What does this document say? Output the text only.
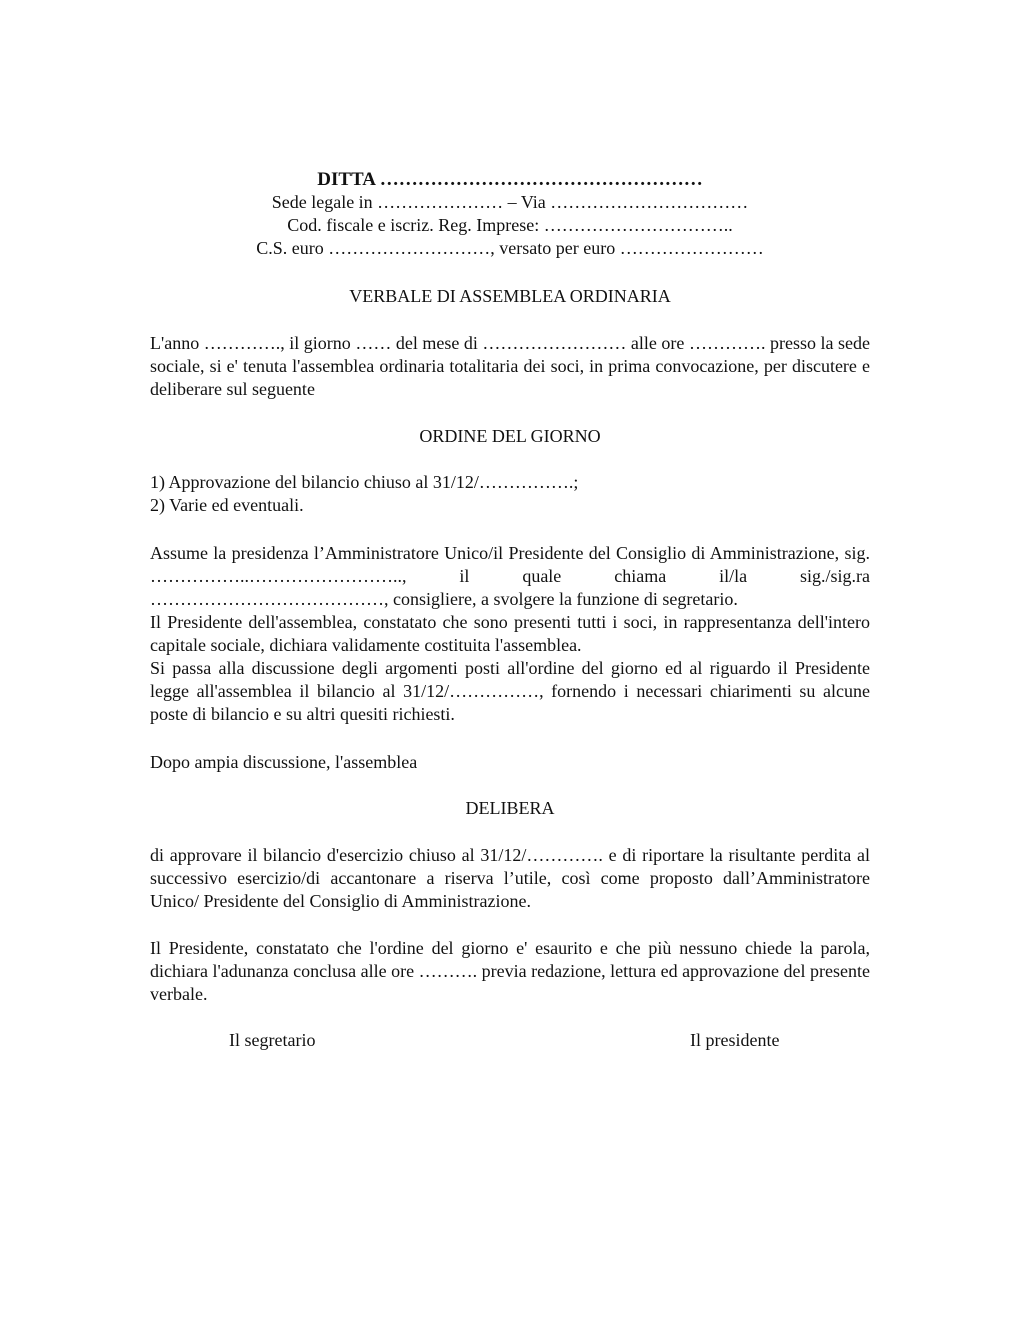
DITTA ……………………………………………
Sede legale in ………………… – Via ……………………………
Cod. fiscale e iscriz. Reg. Imprese: …………………………..
C.S. euro ………………………, versato per euro ……………………
VERBALE DI ASSEMBLEA ORDINARIA
L'anno …………., il giorno …… del mese di …………………… alle ore …………. presso la sede sociale, si e' tenuta l'assemblea ordinaria totalitaria dei soci, in prima convocazione, per discutere e deliberare sul seguente
ORDINE DEL GIORNO
1) Approvazione del bilancio chiuso al 31/12/…………….;
2) Varie ed eventuali.
Assume la presidenza l’Amministratore Unico/il Presidente del Consiglio di Amministrazione, sig. ……………..…………………….., il quale chiama il/la sig./sig.ra …………………………………, consigliere, a svolgere la funzione di segretario.
Il Presidente dell'assemblea, constatato che sono presenti tutti i soci, in rappresentanza dell'intero capitale sociale, dichiara validamente costituita l'assemblea.
Si passa alla discussione degli argomenti posti all'ordine del giorno ed al riguardo il Presidente legge all'assemblea il bilancio al 31/12/……………, fornendo i necessari chiarimenti su alcune poste di bilancio e su altri quesiti richiesti.
Dopo ampia discussione, l'assemblea
DELIBERA
di approvare il bilancio d'esercizio chiuso al 31/12/…………. e di riportare la risultante perdita al successivo esercizio/di accantonare a riserva l’utile, così come proposto dall’Amministratore Unico/ Presidente del Consiglio di Amministrazione.
Il Presidente, constatato che l'ordine del giorno e' esaurito e che più nessuno chiede la parola, dichiara l'adunanza conclusa alle ore ………. previa redazione, lettura ed approvazione del presente verbale.
Il segretario	Il presidente
